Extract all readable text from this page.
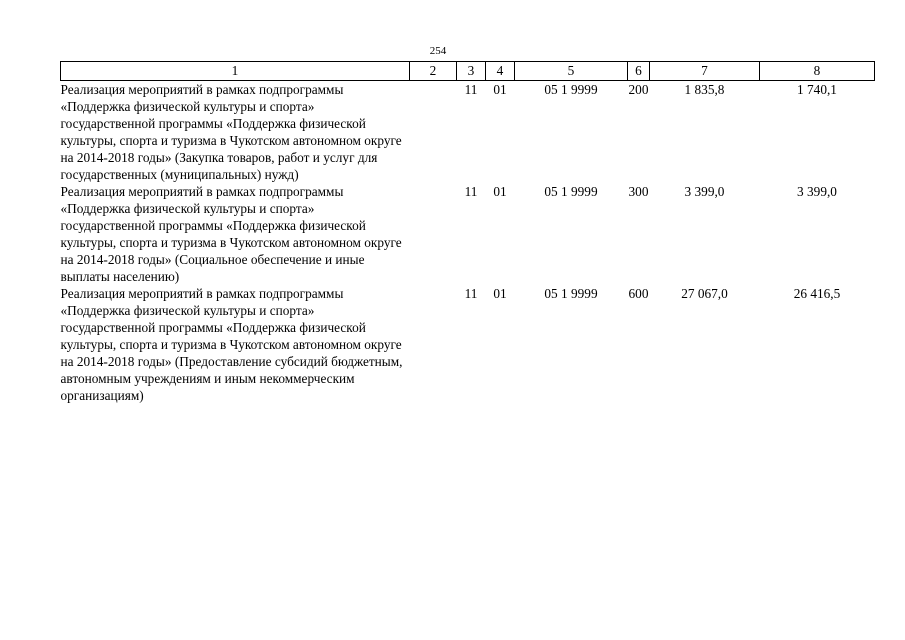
254
1	2	3	4	5	6	7	8
Реализация мероприятий в рамках подпрограммы «Поддержка физической культуры и спорта» государственной программы «Поддержка физической культуры, спорта и туризма в Чукотском автономном округе на 2014-2018 годы» (Закупка товаров, работ и услуг для государственных (муниципальных) нужд)		11	01	05 1 9999	200	1 835,8	1 740,1
Реализация мероприятий в рамках подпрограммы «Поддержка физической культуры и спорта» государственной программы «Поддержка физической культуры, спорта и туризма в Чукотском автономном округе на 2014-2018 годы» (Социальное обеспечение и иные выплаты населению)		11	01	05 1 9999	300	3 399,0	3 399,0
Реализация мероприятий в рамках подпрограммы «Поддержка физической культуры и спорта» государственной программы «Поддержка физической культуры, спорта и туризма в Чукотском автономном округе на 2014-2018 годы» (Предоставление субсидий бюджетным, автономным учреждениям и иным некоммерческим организациям)		11	01	05 1 9999	600	27 067,0	26 416,5
